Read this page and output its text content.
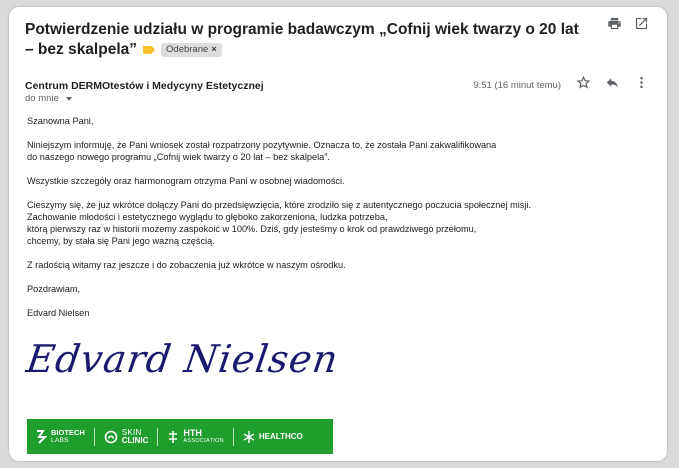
Potwierdzenie udziału w programie badawczym „Cofnij wiek twarzy o 20 lat – bez skalpela”	Odebrane ×
Centrum DERMOtestów i Medycyny Estetycznej
do mnie
9:51 (16 minut temu)

Szanowna Pani,

Niniejszym informuję, że Pani wniosek został rozpatrzony pozytywnie. Oznacza to, że została Pani zakwalifikowana
do naszego nowego programu „Cofnij wiek twarzy o 20 lat – bez skalpela”.

Wszystkie szczegóły oraz harmonogram otrzyma Pani w osobnej wiadomości.

Cieszymy się, że już wkrótce dołączy Pani do przedsięwzięcia, które zrodziło się z autentycznego poczucia społecznej misji.
Zachowanie młodości i estetycznego wyglądu to głęboko zakorzeniona, ludzka potrzeba,
którą pierwszy raz w historii możemy zaspokoić w 100%. Dziś, gdy jesteśmy o krok od prawdziwego przełomu,
chcemy, by stała się Pani jego ważną częścią.

Z radością witamy raz jeszcze i do zobaczenia już wkrótce w naszym ośrodku.

Pozdrawiam,

Edvard Nielsen

Edvard Nielsen
BIOTECH
LABS
SKIN
CLINIC
HTH
ASSOCIATION	HEALTHCO
